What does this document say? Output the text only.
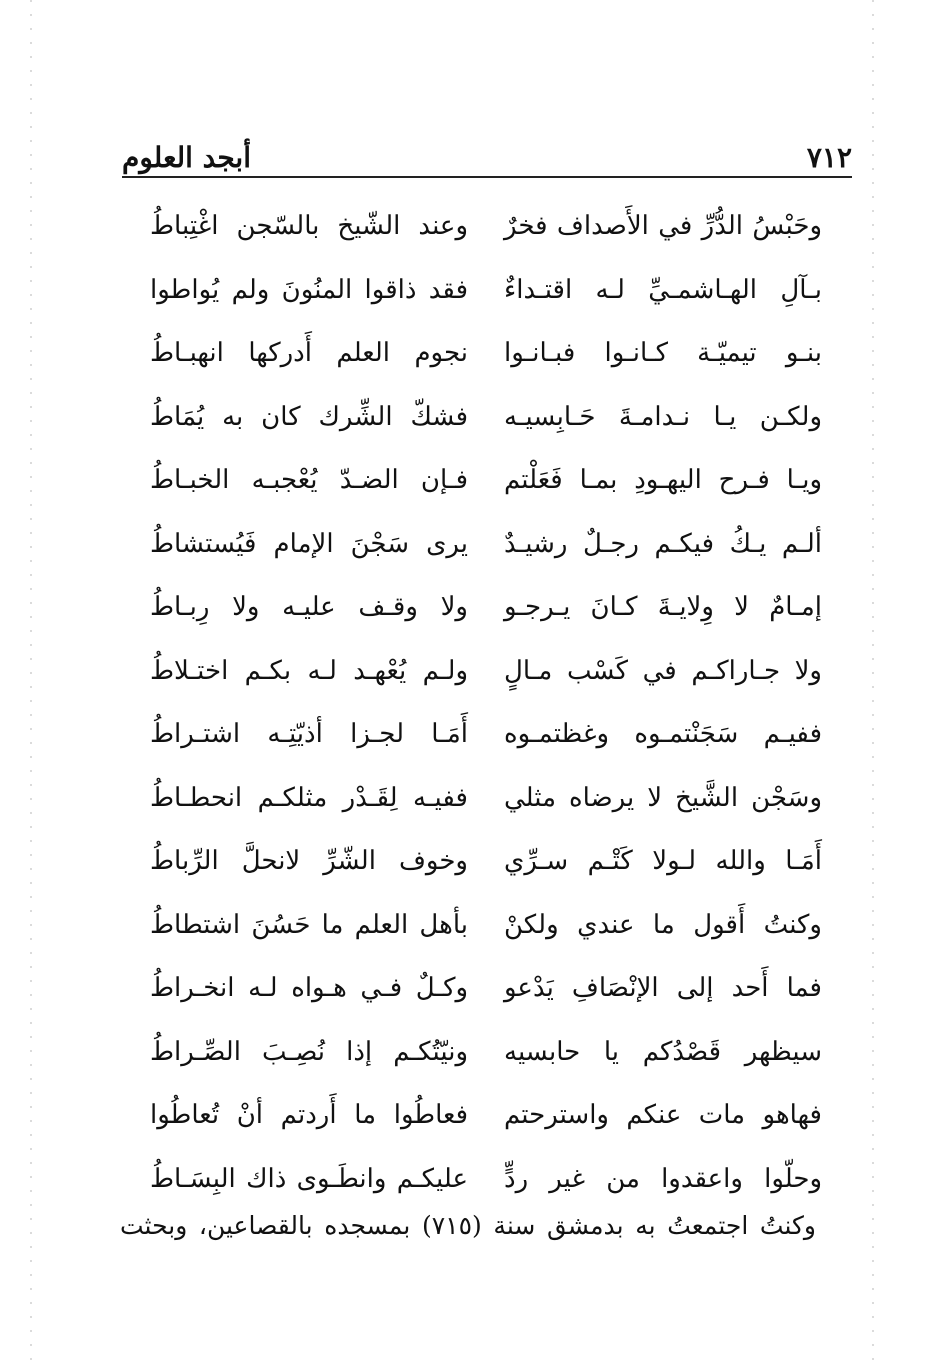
٧١٢
أبجد العلوم
وحَبْسُ الدُّرِّ في الأَصداف فخرٌ
وعند الشّيخ بالسّجن اغْتِباطُ
بـآلِ الهـاشمـيِّ لـه اقتـداءٌ
فقد ذاقوا المنُونَ ولم يُواطوا
بنـو تيميّـة كـانـوا فبـانـوا
نجوم العلم أَدركها انهبـاطُ
ولكـن يـا نـدامـةَ حَـابِسيـه
فشكّ الشِّرك كان به يُمَاطُ
ويـا فـرح اليهـودِ بمـا فَعَلْتم
فـإن الضـدّ يُعْجبـه الخبـاطُ
ألـم يـكُ فيكـم رجـلٌ رشيـدٌ
يرى سَجْنَ الإمام فَيُستشاطُ
إمـامٌ لا وِلايـةَ كـانَ يـرجـو
ولا وقـف عليـه ولا رِبـاطُ
ولا جـاراكـم في كَسْب مـالٍ
ولـم يُعْهـد لـه بكـم اختـلاطُ
ففيـم سَجَنْتمـوه وغظتمـوه
أَمَـا لجـزا أذيّتِـه اشتـراطُ
وسَجْن الشَّيخ لا يرضاه مثلي
ففيـه لِقَـدْر مثلكـم انحطـاطُ
أَمَـا والله لـولا كَتْـم سـرِّي
وخوف الشّرِّ لانحلَّ الرِّباطُ
وكنتُ أَقول ما عندي ولكنْ
بأهل العلم ما حَسُنَ اشتطاطُ
فما أَحد إلى الإنْصَافِ يَدْعو
وكـلٌ فـي هـواه لـه انخـراطُ
سيظهر قَصْدُكم يا حابسيه
ونيّتُكـم إذا نُصِـبَ الصِّـراطُ
فهاهو مات عنكم واسترحتم
فعاطُوا ما أَردتم أنْ تُعاطُوا
وحلّوا واعقدوا من غير ردٍّ
عليكـم وانطَـوى ذاك البِسَـاطُ
وكنتُ اجتمعتُ به بدمشق سنة (٧١٥) بمسجده بالقصاعين، وبحثت
